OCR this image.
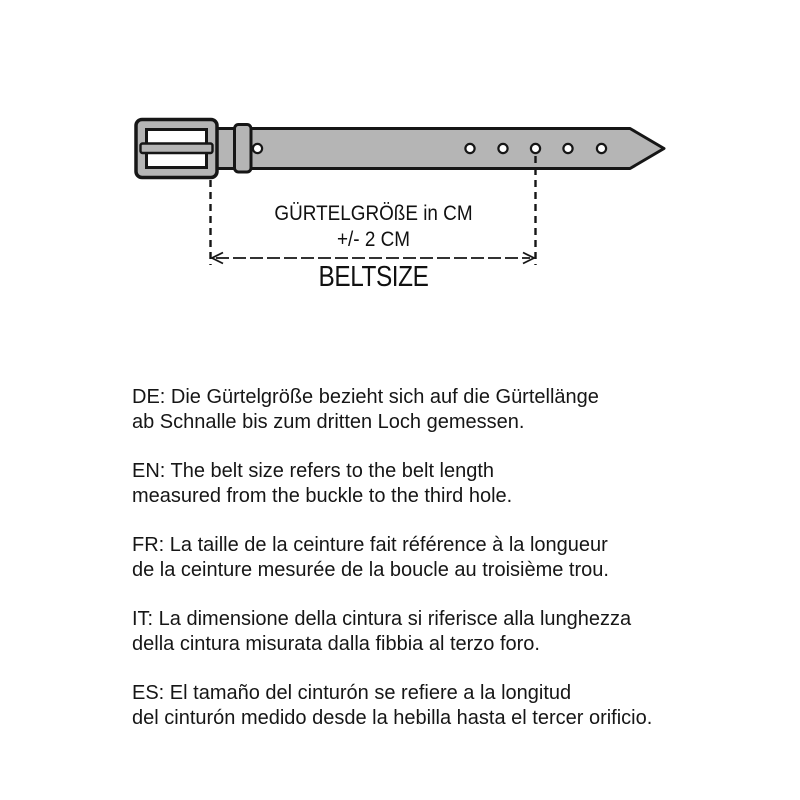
GÜRTELGRÖßE in CM
+/- 2 CM
BELTSIZE

DE: Die Gürtelgröße bezieht sich auf die Gürtellänge
ab Schnalle bis zum dritten Loch gemessen.

EN: The belt size refers to the belt length
measured from the buckle to the third hole.

FR: La taille de la ceinture fait référence à la longueur
de la ceinture mesurée de la boucle au troisième trou.

IT: La dimensione della cintura si riferisce alla lunghezza
della cintura misurata dalla fibbia al terzo foro.

ES: El tamaño del cinturón se refiere a la longitud
del cinturón medido desde la hebilla hasta el tercer orificio.
